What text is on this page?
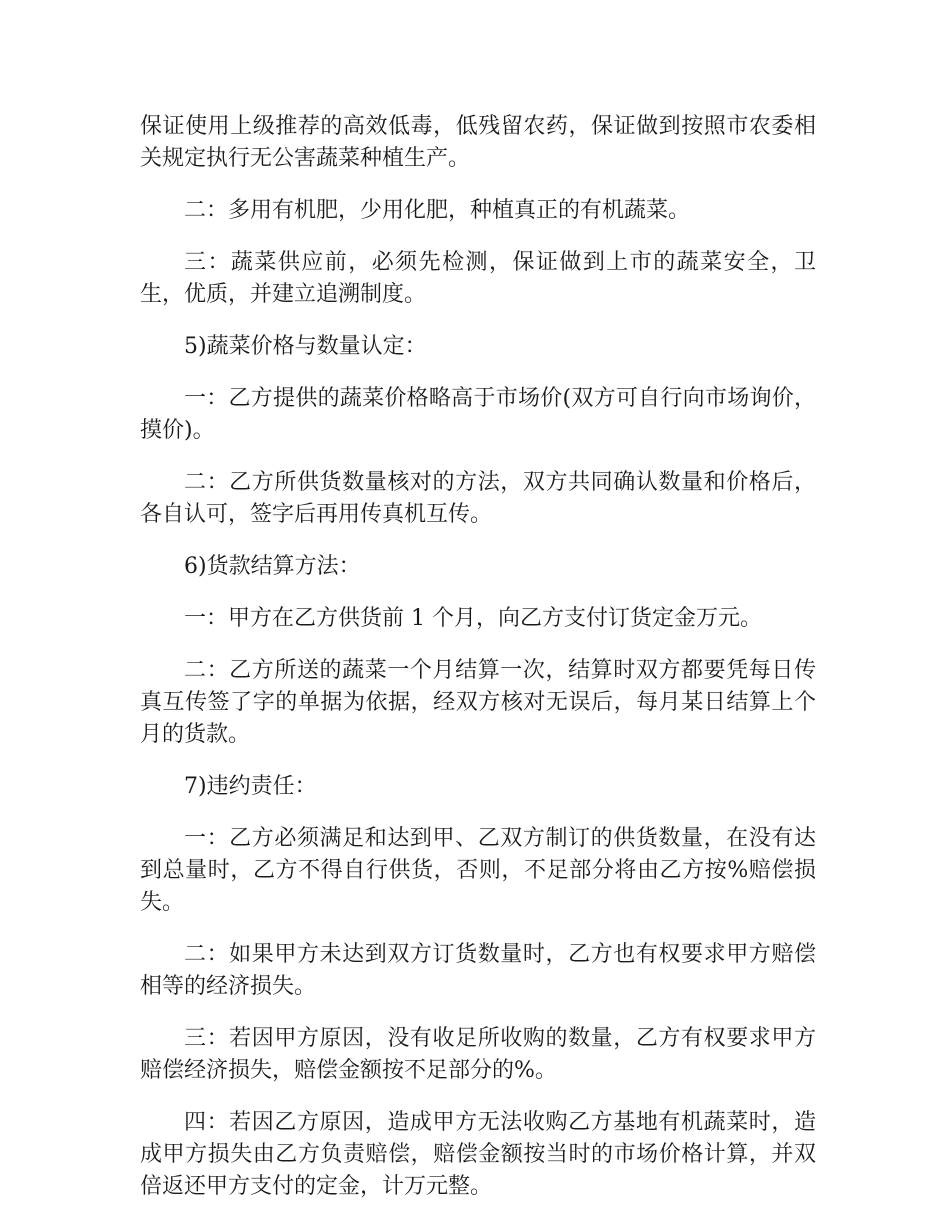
保证使用上级推荐的高效低毒，低残留农药，保证做到按照市农委相关规定执行无公害蔬菜种植生产。

二：多用有机肥，少用化肥，种植真正的有机蔬菜。

三：蔬菜供应前，必须先检测，保证做到上市的蔬菜安全，卫生，优质，并建立追溯制度。

5)蔬菜价格与数量认定：

一：乙方提供的蔬菜价格略高于市场价(双方可自行向市场询价，摸价)。

二：乙方所供货数量核对的方法，双方共同确认数量和价格后，各自认可，签字后再用传真机互传。

6)货款结算方法：

一：甲方在乙方供货前 1 个月，向乙方支付订货定金万元。

二：乙方所送的蔬菜一个月结算一次，结算时双方都要凭每日传真互传签了字的单据为依据，经双方核对无误后，每月某日结算上个月的货款。

7)违约责任：

一：乙方必须满足和达到甲、乙双方制订的供货数量，在没有达到总量时，乙方不得自行供货，否则，不足部分将由乙方按%赔偿损失。

二：如果甲方未达到双方订货数量时，乙方也有权要求甲方赔偿相等的经济损失。

三：若因甲方原因，没有收足所收购的数量，乙方有权要求甲方赔偿经济损失，赔偿金额按不足部分的%。

四：若因乙方原因，造成甲方无法收购乙方基地有机蔬菜时，造成甲方损失由乙方负责赔偿，赔偿金额按当时的市场价格计算，并双倍返还甲方支付的定金，计万元整。
